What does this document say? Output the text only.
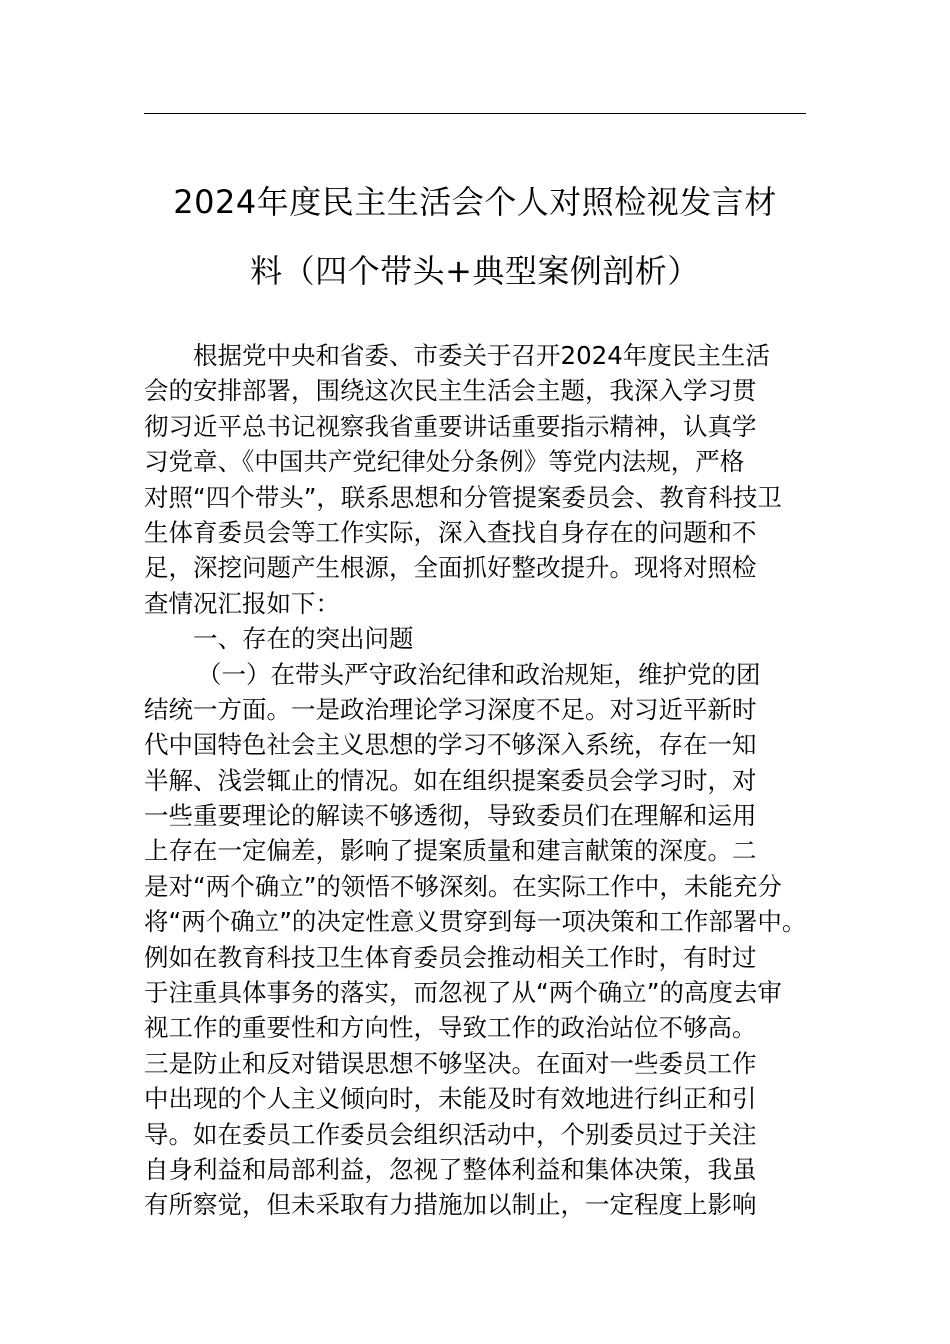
2024年度民主生活会个人对照检视发言材
料（四个带头+典型案例剖析）
根据党中央和省委、市委关于召开2024年度民主生活
会的安排部署，围绕这次民主生活会主题，我深入学习贯
彻习近平总书记视察我省重要讲话重要指示精神，认真学
习党章、《中国共产党纪律处分条例》等党内法规，严格
对照“四个带头”，联系思想和分管提案委员会、教育科技卫
生体育委员会等工作实际，深入查找自身存在的问题和不
足，深挖问题产生根源，全面抓好整改提升。现将对照检
查情况汇报如下：
一、存在的突出问题
（一）在带头严守政治纪律和政治规矩，维护党的团
结统一方面。一是政治理论学习深度不足。对习近平新时
代中国特色社会主义思想的学习不够深入系统，存在一知
半解、浅尝辄止的情况。如在组织提案委员会学习时，对
一些重要理论的解读不够透彻，导致委员们在理解和运用
上存在一定偏差，影响了提案质量和建言献策的深度。二
是对“两个确立”的领悟不够深刻。在实际工作中，未能充分
将“两个确立”的决定性意义贯穿到每一项决策和工作部署中。
例如在教育科技卫生体育委员会推动相关工作时，有时过
于注重具体事务的落实，而忽视了从“两个确立”的高度去审
视工作的重要性和方向性，导致工作的政治站位不够高。
三是防止和反对错误思想不够坚决。在面对一些委员工作
中出现的个人主义倾向时，未能及时有效地进行纠正和引
导。如在委员工作委员会组织活动中，个别委员过于关注
自身利益和局部利益，忽视了整体利益和集体决策，我虽
有所察觉，但未采取有力措施加以制止，一定程度上影响
